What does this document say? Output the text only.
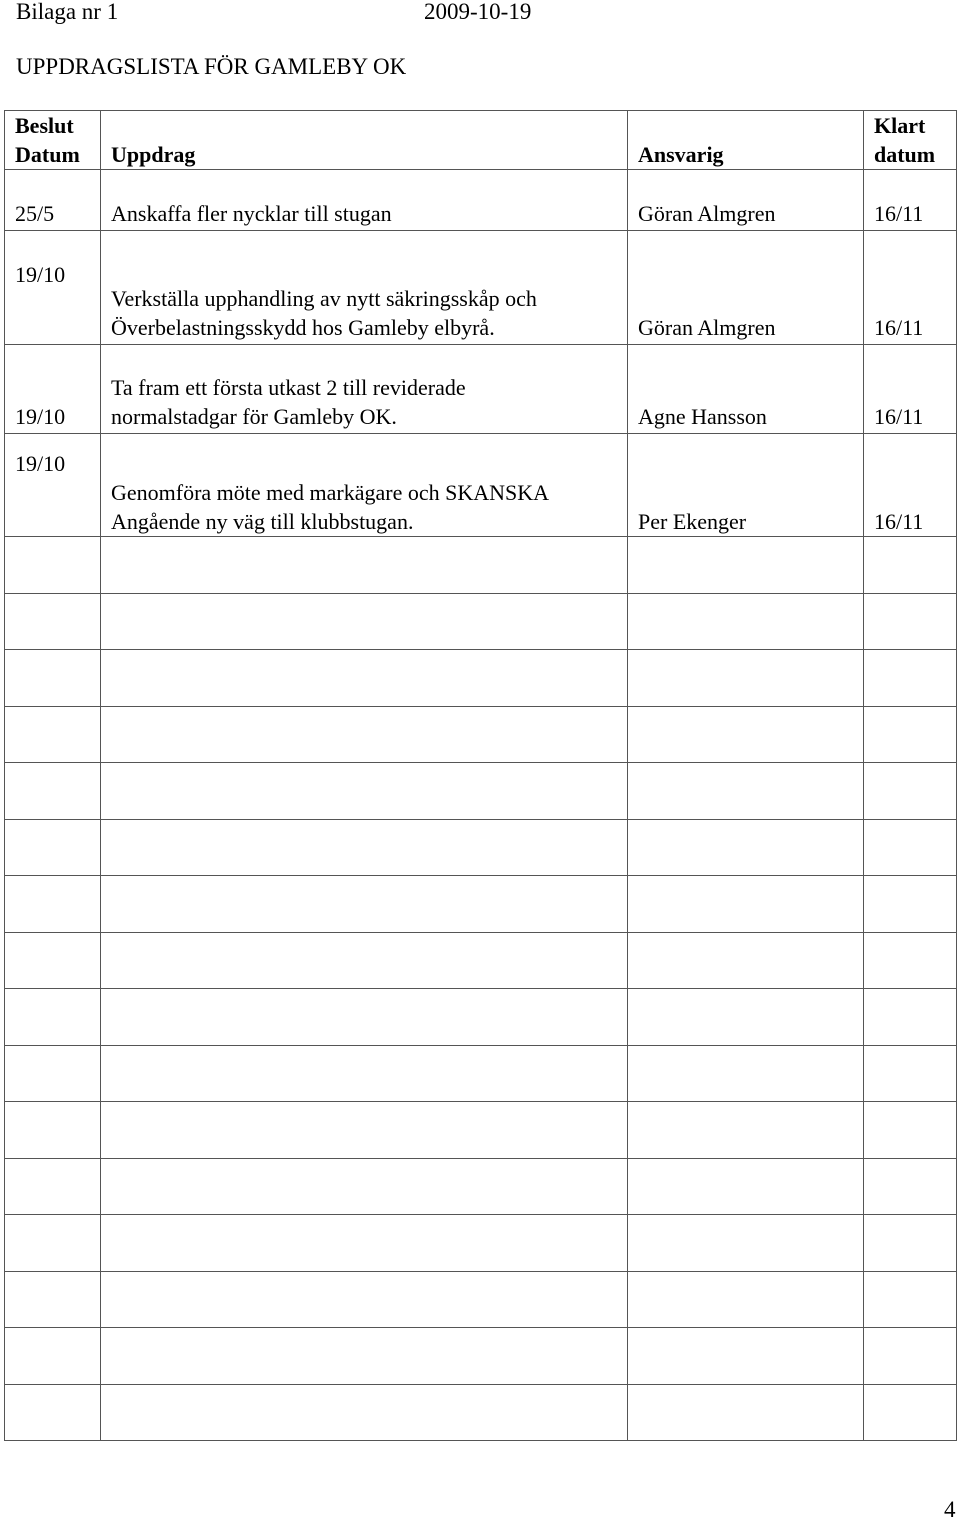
Bilaga nr 1	2009-10-19
UPPDRAGSLISTA FÖR GAMLEBY OK
Beslut
Datum	Uppdrag	Ansvarig	Klart
datum

25/5	Anskaffa fler nycklar till stugan	Göran Almgren	16/11
19/10	Verkställa upphandling av nytt säkringsskåp och
Överbelastningsskydd hos Gamleby elbyrå.	Göran Almgren	16/11
19/10	Ta fram ett första utkast 2 till reviderade
normalstadgar för Gamleby OK.	Agne Hansson	16/11
19/10	Genomföra möte med markägare och SKANSKA
Angående ny väg till klubbstugan.	Per Ekenger	16/11

4
